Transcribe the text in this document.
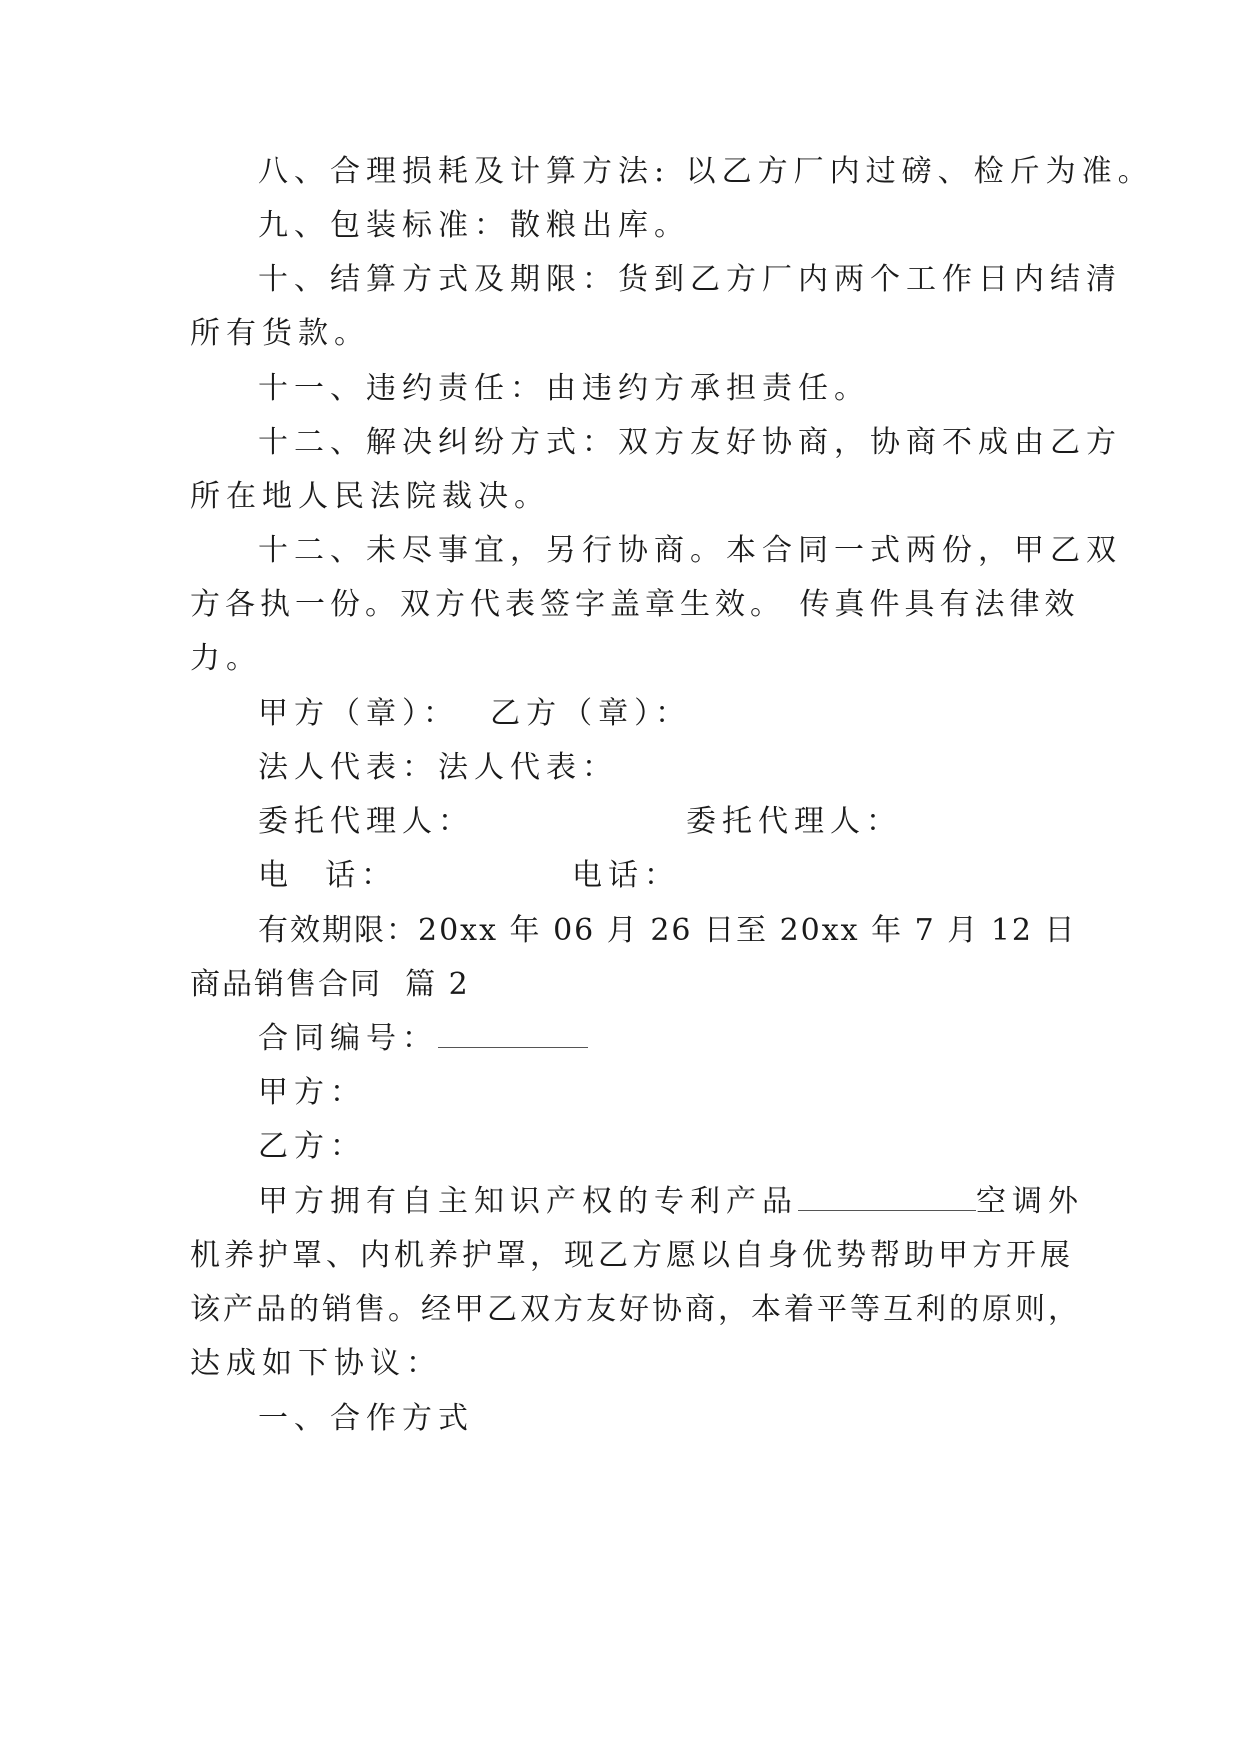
八、合理损耗及计算方法: 以乙方厂内过磅、检斤为准。
九、包装标准：散粮出库。
十、结算方式及期限：货到乙方厂内两个工作日内结清
所有货款。
十一、违约责任：由违约方承担责任。
十二、解决纠纷方式：双方友好协商，协商不成由乙方
所在地人民法院裁决。
十二、未尽事宜，另行协商。本合同一式两份，甲乙双
方各执一份。双方代表签字盖章生效。 传真件具有法律效
力。
甲方（章）：  乙方（章）：
法人代表：法人代表：
委托代理人：	委托代理人：
电  话：	电话：
有效期限：20xx 年 06 月 26 日至 20xx 年 7 月 12 日
商品销售合同  篇 2
合同编号：
甲方：
乙方：
甲方拥有自主知识产权的专利产品	空调外
机养护罩、内机养护罩，现乙方愿以自身优势帮助甲方开展
该产品的销售。经甲乙双方友好协商，本着平等互利的原则，
达成如下协议：
一、合作方式
